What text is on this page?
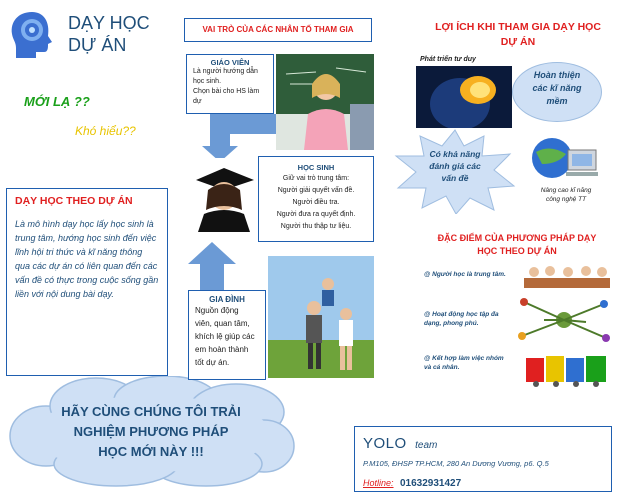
DẠY HỌC
DỰ ÁN
MỚI LẠ ??
Khó hiểu??
DẠY HỌC THEO DỰ ÁN
Là mô hình dạy học lấy học sinh là trung tâm, hướng học sinh đến việc lĩnh hội tri thức và kĩ năng thông qua các dự án có liên quan đến các vấn đề có thực trong cuộc sống gần liền với nội dung bài dạy.
HÃY CÙNG CHÚNG TÔI TRẢI
NGHIỆM PHƯƠNG PHÁP
HỌC MỚI NÀY !!!
VAI TRÒ CỦA CÁC NHÂN TỐ THAM GIA
GIÁO VIÊN
Là người hướng dẫn
học sinh.
Chọn bài cho HS làm
dự
HỌC SINH
Giữ vai trò trung tâm:
Người giải quyết vấn đề.
Người điều tra.
Người đưa ra quyết định.
Người thu thập tư liệu.
GIA ĐÌNH
Nguồn động
viên, quan tâm,
khích lệ giúp các
em hoàn thành
tốt dự án.
LỢI ÍCH KHI THAM GIA DẠY HỌC
DỰ ÁN
Phát triển tư duy
Hoàn thiện
các kĩ năng
mềm
Có khả năng
đánh giá các
vấn đề
Nâng cao kĩ năng
công nghệ TT
ĐẶC ĐIỂM CỦA PHƯƠNG PHÁP DẠY
HỌC THEO DỰ ÁN
@ Người học là trung tâm.
@ Hoạt động học tập đa
dạng, phong phú.
@ Kết hợp làm việc nhóm
và cá nhân.
YOLO team
P.M105, ĐHSP TP.HCM, 280 An Dương Vương, p6. Q.5
Hotline: 01632931427
